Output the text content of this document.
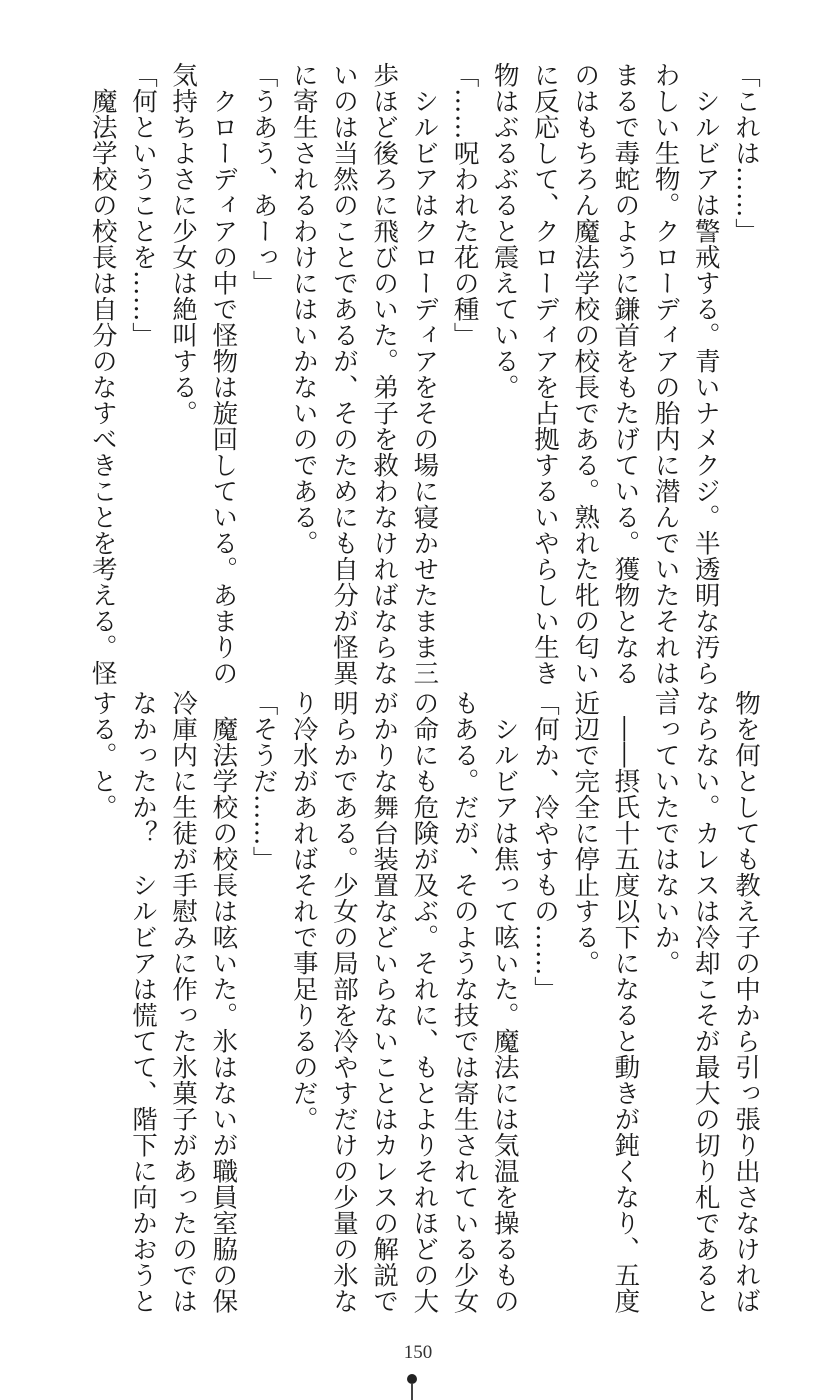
「これは……」
　シルビアは警戒する。青いナメクジ。半透明な汚ら
わしい生物。クローディアの胎内に潜んでいたそれは、
まるで毒蛇のように鎌首をもたげている。獲物となる
のはもちろん魔法学校の校長である。熟れた牝の匂い
に反応して、クローディアを占拠するいやらしい生き
物はぶるぶると震えている。
「……呪われた花の種」
　シルビアはクローディアをその場に寝かせたまま三
歩ほど後ろに飛びのいた。弟子を救わなければならな
いのは当然のことであるが、そのためにも自分が怪異
に寄生されるわけにはいかないのである。
「うあう、あーっ」
　クローディアの中で怪物は旋回している。あまりの
気持ちよさに少女は絶叫する。
「何ということを……」
　魔法学校の校長は自分のなすべきことを考える。怪
物を何としても教え子の中から引っ張り出さなければ
ならない。カレスは冷却こそが最大の切り札であると
言っていたではないか。
　――摂氏十五度以下になると動きが鈍くなり、五度
近辺で完全に停止する。
「何か、冷やすもの……」
　シルビアは焦って呟いた。魔法には気温を操るもの
もある。だが、そのような技では寄生されている少女
の命にも危険が及ぶ。それに、もとよりそれほどの大
がかりな舞台装置などいらないことはカレスの解説で
明らかである。少女の局部を冷やすだけの少量の氷な
り冷水があればそれで事足りるのだ。
「そうだ……」
　魔法学校の校長は呟いた。氷はないが職員室脇の保
冷庫内に生徒が手慰みに作った氷菓子があったのでは
なかったか？　シルビアは慌てて、階下に向かおうと
する。と。
150
